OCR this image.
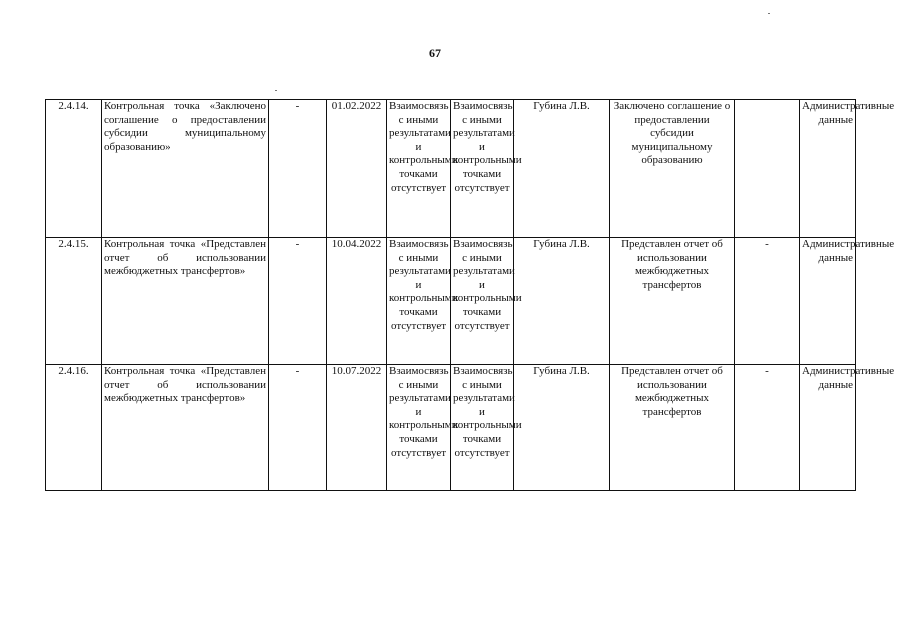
67
2.4.14.	Контрольная точка «Заключено соглашение о предоставлении субсидии муниципальному образованию»	-	01.02.2022	Взаимосвязь с иными результатами и контрольными точками отсутствует	Взаимосвязь с иными результатами и контрольными точками отсутствует	Губина Л.В.	Заключено соглашение о предоставлении субсидии муниципальному образованию		Административные данные
2.4.15.	Контрольная точка «Представлен отчет об использовании межбюджетных трансфертов»	-	10.04.2022	Взаимосвязь с иными результатами и контрольными точками отсутствует	Взаимосвязь с иными результатами и контрольными точками отсутствует	Губина Л.В.	Представлен отчет об использовании межбюджетных трансфертов	-	Административные данные
2.4.16.	Контрольная точка «Представлен отчет об использовании межбюджетных трансфертов»	-	10.07.2022	Взаимосвязь с иными результатами и контрольными точками отсутствует	Взаимосвязь с иными результатами и контрольными точками отсутствует	Губина Л.В.	Представлен отчет об использовании межбюджетных трансфертов	-	Административные данные
